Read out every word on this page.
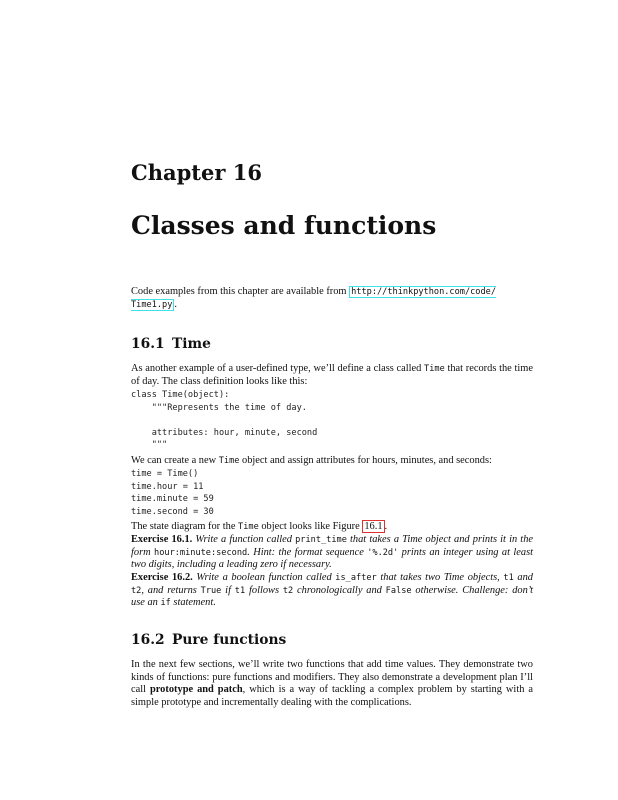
Chapter 16
Classes and functions
Code examples from this chapter are available from http://thinkpython.com/code/
Time1.py .
16.1 Time
As another example of a user-defined type, we’ll define a class called Time that records the time of day. The class definition looks like this:
class Time(object):
"""Represents the time of day.

attributes: hour, minute, second
"""
We can create a new Time object and assign attributes for hours, minutes, and seconds:
time = Time()
time.hour = 11
time.minute = 59
time.second = 30
The state diagram for the Time object looks like Figure 16.1 .
Exercise 16.1. Write a function called print_time that takes a Time object and prints it in the form hour:minute:second. Hint: the format sequence '%.2d' prints an integer using at least two digits, including a leading zero if necessary.
Exercise 16.2. Write a boolean function called is_after that takes two Time objects, t1 and t2, and returns True if t1 follows t2 chronologically and False otherwise. Challenge: don’t use an if statement.
16.2 Pure functions
In the next few sections, we’ll write two functions that add time values. They demonstrate two kinds of functions: pure functions and modifiers. They also demonstrate a development plan I’ll call prototype and patch, which is a way of tackling a complex problem by starting with a simple prototype and incrementally dealing with the complications.
